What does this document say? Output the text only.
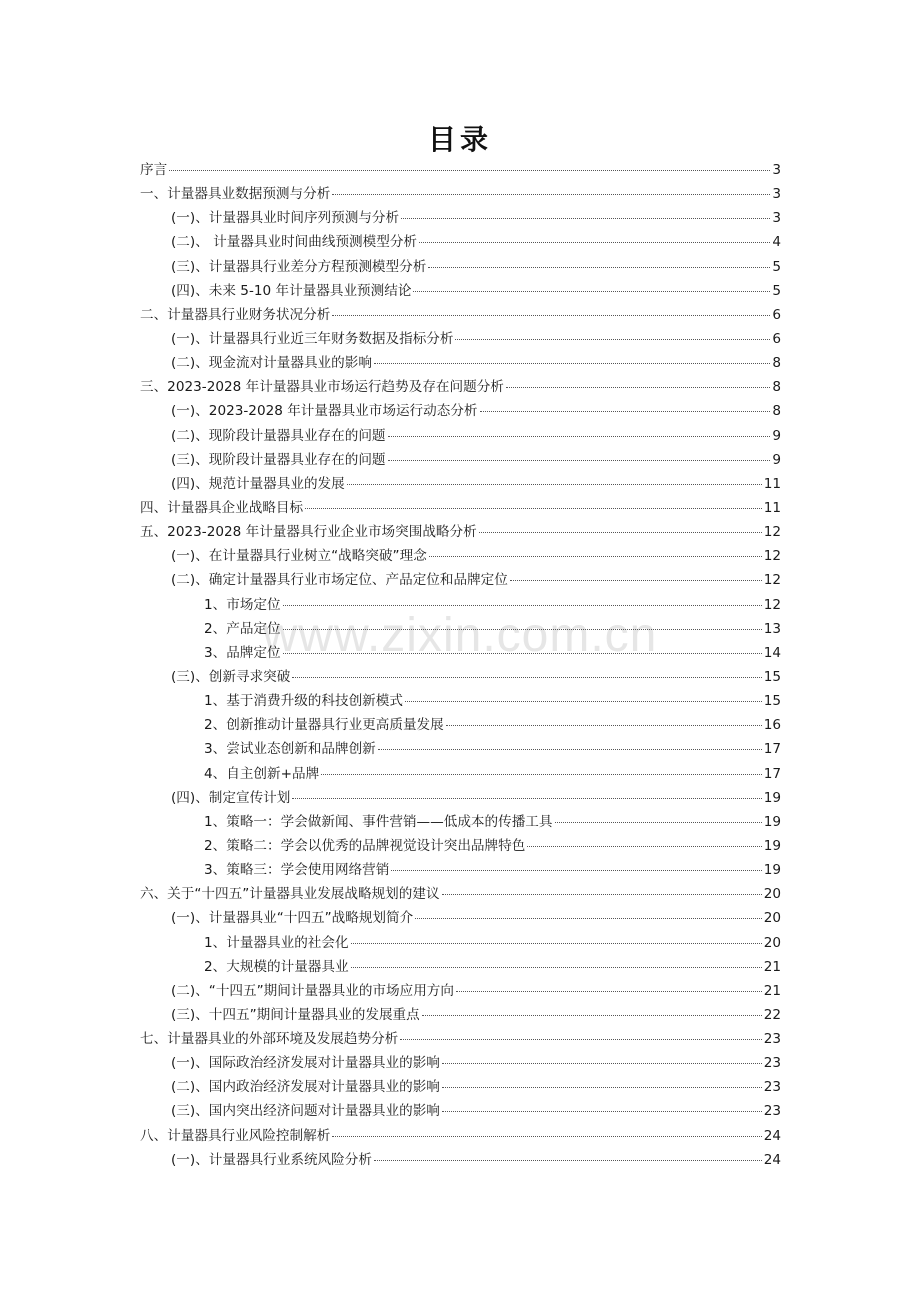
www.zixin.com.cn
目录
序言	3
一、计量器具业数据预测与分析	3
(一)、计量器具业时间序列预测与分析	3
(二)、 计量器具业时间曲线预测模型分析	4
(三)、计量器具行业差分方程预测模型分析	5
(四)、未来 5-10 年计量器具业预测结论	5
二、计量器具行业财务状况分析	6
(一)、计量器具行业近三年财务数据及指标分析	6
(二)、现金流对计量器具业的影响	8
三、2023-2028 年计量器具业市场运行趋势及存在问题分析	8
(一)、2023-2028 年计量器具业市场运行动态分析	8
(二)、现阶段计量器具业存在的问题	9
(三)、现阶段计量器具业存在的问题	9
(四)、规范计量器具业的发展	11
四、计量器具企业战略目标	11
五、2023-2028 年计量器具行业企业市场突围战略分析	12
(一)、在计量器具行业树立“战略突破”理念	12
(二)、确定计量器具行业市场定位、产品定位和品牌定位	12
1、市场定位	12
2、产品定位	13
3、品牌定位	14
(三)、创新寻求突破	15
1、基于消费升级的科技创新模式	15
2、创新推动计量器具行业更高质量发展	16
3、尝试业态创新和品牌创新	17
4、自主创新+品牌	17
(四)、制定宣传计划	19
1、策略一：学会做新闻、事件营销——低成本的传播工具	19
2、策略二：学会以优秀的品牌视觉设计突出品牌特色	19
3、策略三：学会使用网络营销	19
六、关于“十四五”计量器具业发展战略规划的建议	20
(一)、计量器具业“十四五”战略规划简介	20
1、计量器具业的社会化	20
2、大规模的计量器具业	21
(二)、“十四五”期间计量器具业的市场应用方向	21
(三)、十四五”期间计量器具业的发展重点	22
七、计量器具业的外部环境及发展趋势分析	23
(一)、国际政治经济发展对计量器具业的影响	23
(二)、国内政治经济发展对计量器具业的影响	23
(三)、国内突出经济问题对计量器具业的影响	23
八、计量器具行业风险控制解析	24
(一)、计量器具行业系统风险分析	24
